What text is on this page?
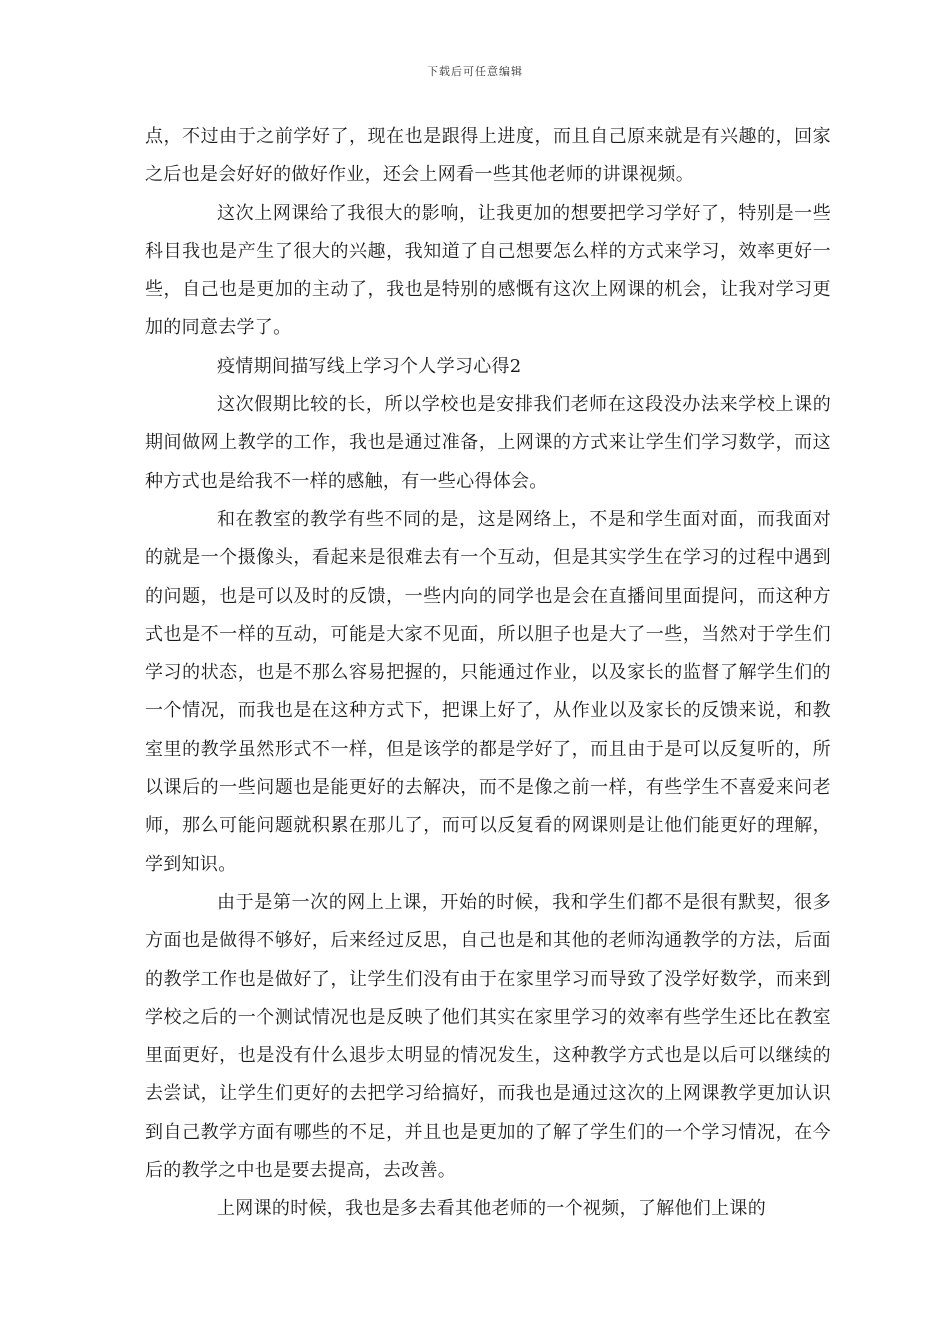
下载后可任意编辑

点，不过由于之前学好了，现在也是跟得上进度，而且自己原来就是有兴趣的，回家之后也是会好好的做好作业，还会上网看一些其他老师的讲课视频。

这次上网课给了我很大的影响，让我更加的想要把学习学好了，特别是一些科目我也是产生了很大的兴趣，我知道了自己想要怎么样的方式来学习，效率更好一些，自己也是更加的主动了，我也是特别的感慨有这次上网课的机会，让我对学习更加的同意去学了。

疫情期间描写线上学习个人学习心得2

这次假期比较的长，所以学校也是安排我们老师在这段没办法来学校上课的期间做网上教学的工作，我也是通过准备，上网课的方式来让学生们学习数学，而这种方式也是给我不一样的感触，有一些心得体会。

和在教室的教学有些不同的是，这是网络上，不是和学生面对面，而我面对的就是一个摄像头，看起来是很难去有一个互动，但是其实学生在学习的过程中遇到的问题，也是可以及时的反馈，一些内向的同学也是会在直播间里面提问，而这种方式也是不一样的互动，可能是大家不见面，所以胆子也是大了一些，当然对于学生们学习的状态，也是不那么容易把握的，只能通过作业，以及家长的监督了解学生们的一个情况，而我也是在这种方式下，把课上好了，从作业以及家长的反馈来说，和教室里的教学虽然形式不一样，但是该学的都是学好了，而且由于是可以反复听的，所以课后的一些问题也是能更好的去解决，而不是像之前一样，有些学生不喜爱来问老师，那么可能问题就积累在那儿了，而可以反复看的网课则是让他们能更好的理解，学到知识。

由于是第一次的网上上课，开始的时候，我和学生们都不是很有默契，很多方面也是做得不够好，后来经过反思，自己也是和其他的老师沟通教学的方法，后面的教学工作也是做好了，让学生们没有由于在家里学习而导致了没学好数学，而来到学校之后的一个测试情况也是反映了他们其实在家里学习的效率有些学生还比在教室里面更好，也是没有什么退步太明显的情况发生，这种教学方式也是以后可以继续的去尝试，让学生们更好的去把学习给搞好，而我也是通过这次的上网课教学更加认识到自己教学方面有哪些的不足，并且也是更加的了解了学生们的一个学习情况，在今后的教学之中也是要去提高，去改善。

上网课的时候，我也是多去看其他老师的一个视频，了解他们上课的
